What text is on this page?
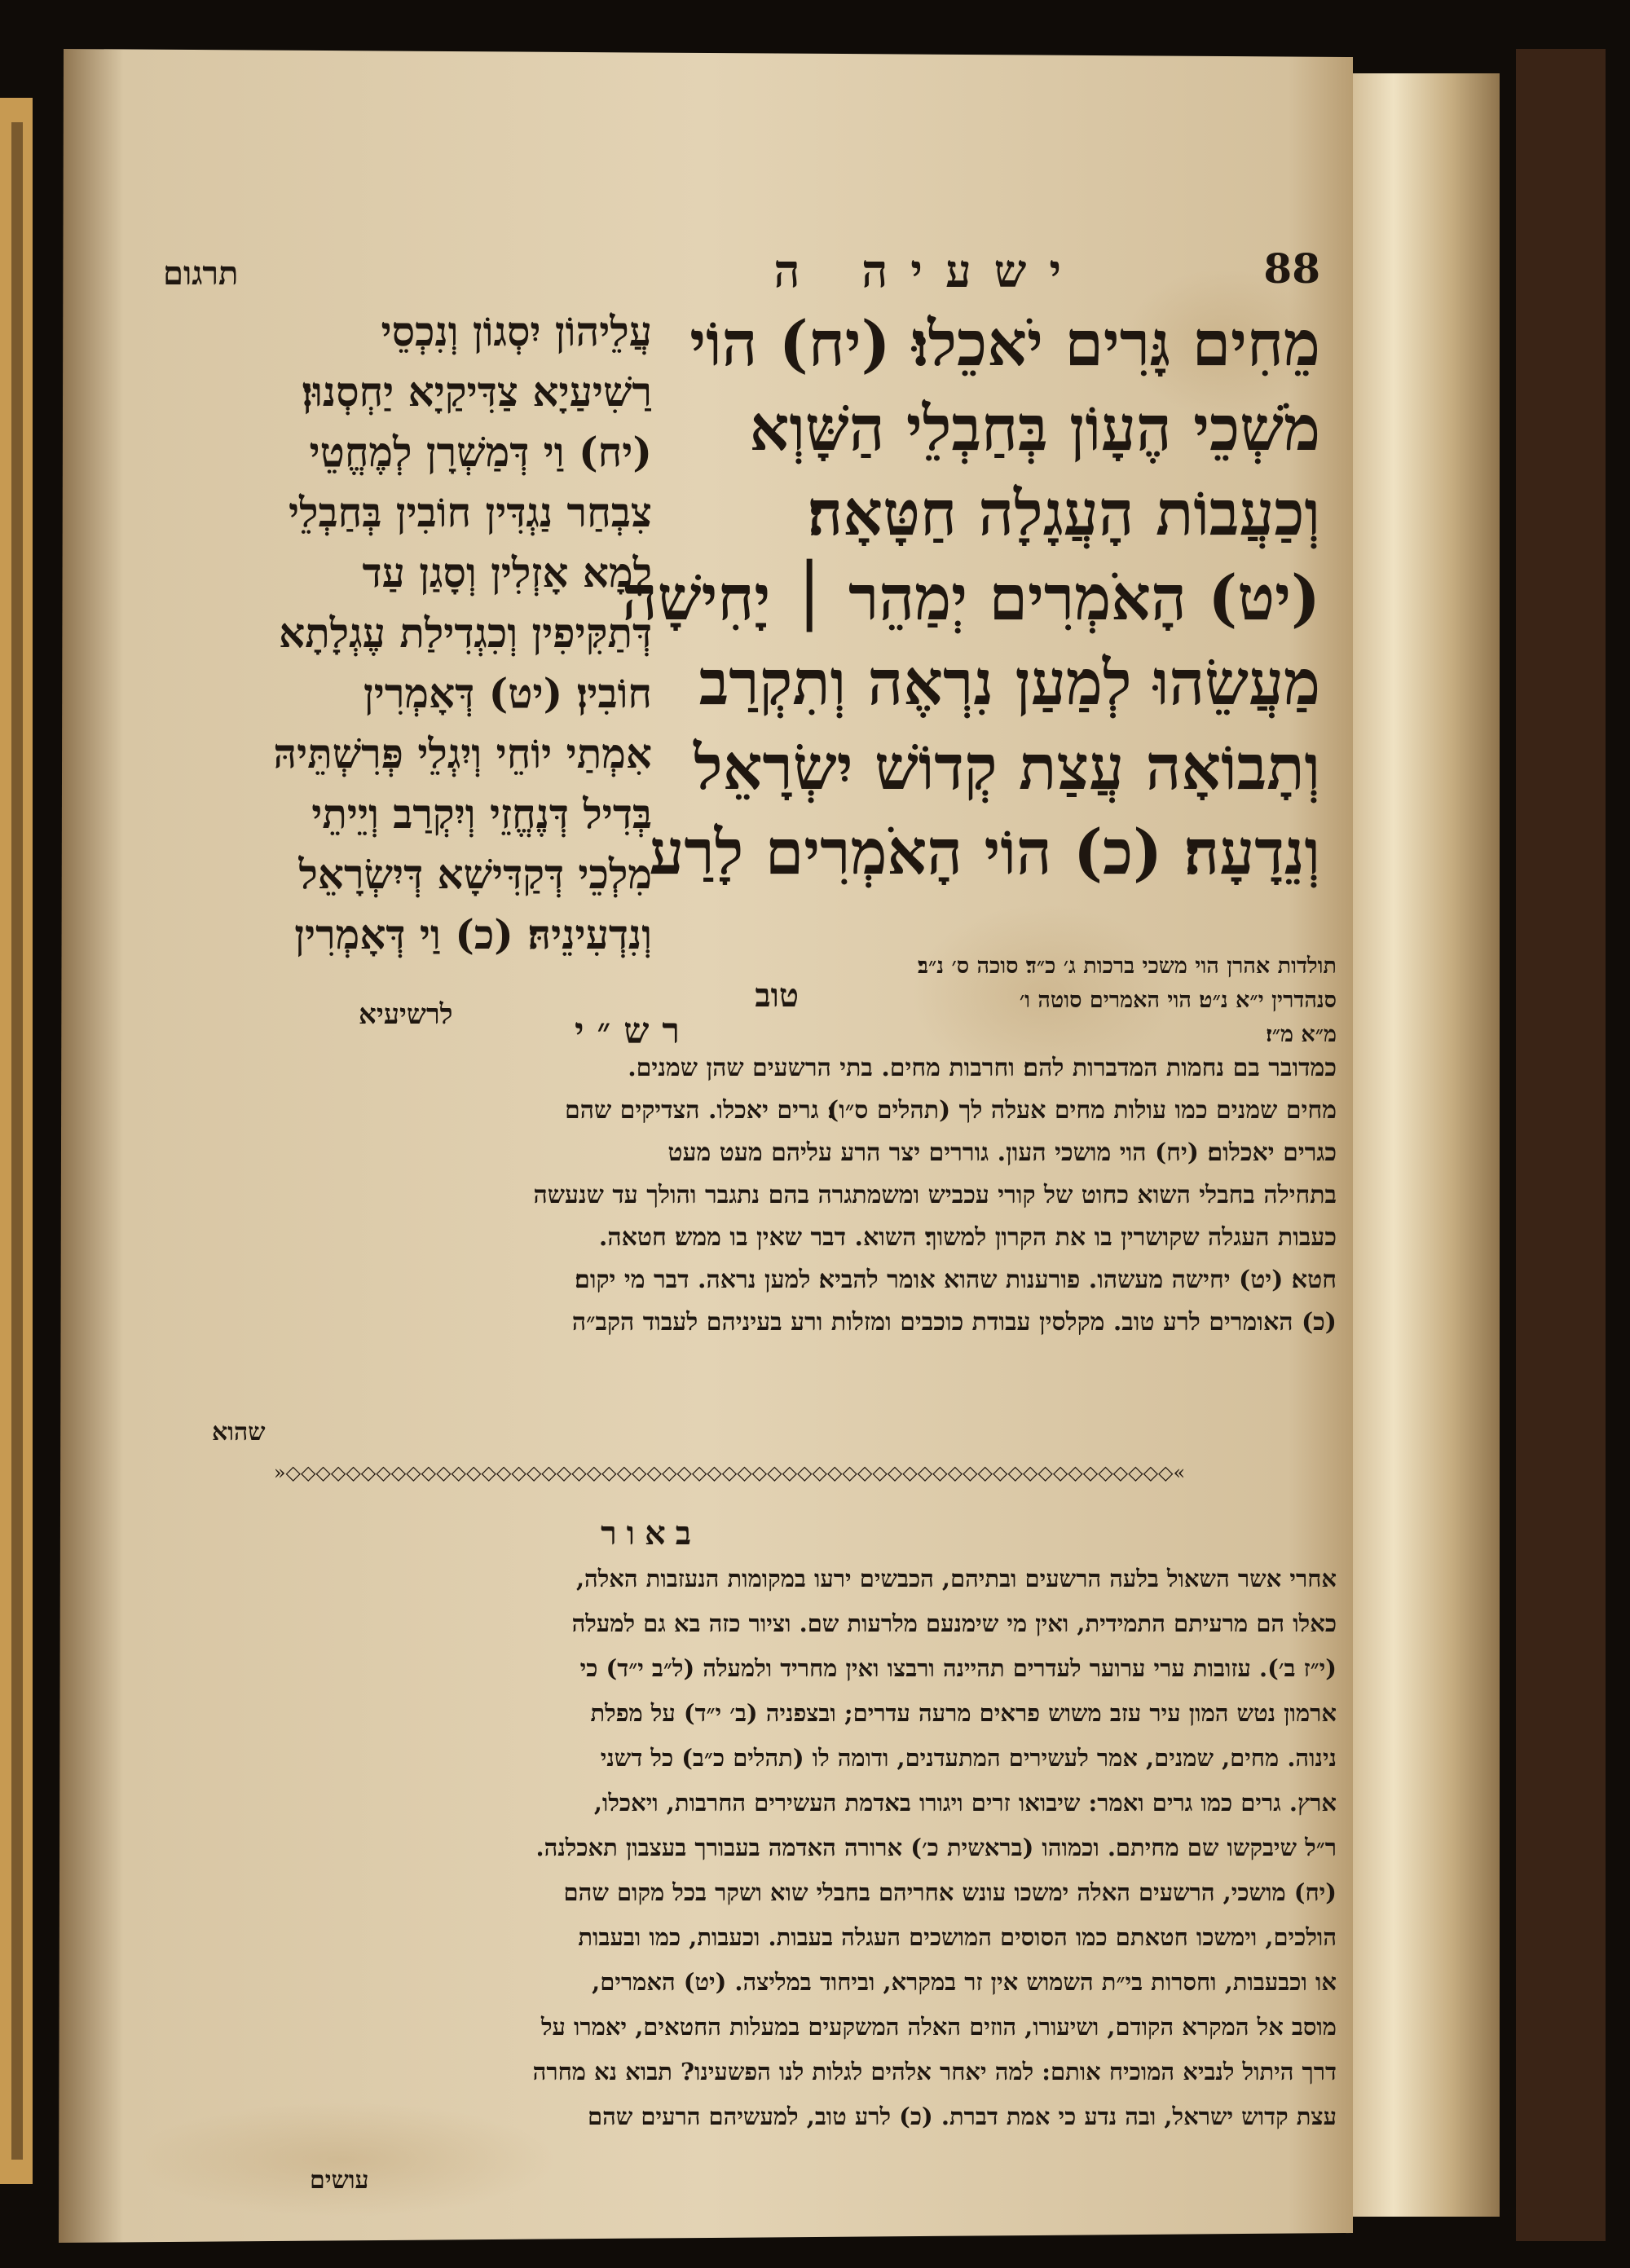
88
ישעיה ה
תרגום
מֵחִים גָּרִים יֹאכֵלוּ׃ (יח) הוֹי
מֹשְׁכֵי הֶעָוֹן בְּחַבְלֵי הַשָּׁוְא
וְכַעֲבוֹת הָעֲגָלָה חַטָּאָה׃
(יט) הָאֹמְרִים יְמַהֵר ׀ יָחִישָׁה
מַעֲשֵׂהוּ לְמַעַן נִרְאֶה וְתִקְרַב
וְתָבוֹאָה עֲצַת קְדוֹשׁ יִשְׂרָאֵל
וְנֵדָעָה׃ (כ) הוֹי הָאֹמְרִים לָרַע
טוב
עֲלֵיהוֹן יִסְגוֹן וְנִכְסֵי
רַשִׁיעַיָא צַדִּיקַיָא יַחְסְנוּן׃
(יח) וַי דְּמַשְׁרָן לְמֶחֱטֵי
צִבְחַר נַגְדִּין חוֹבִין בְּחַבְלֵי
לְמָא אָזְלִין וְסָגַן עַד
דְּתַקִּיפִין וְכִגְדִילַת עֶגְלָתָא
חוֹבִין׃ (יט) דְּאָמְרִין
אִמְתַי יוֹחֵי וְיִגְלֵי פְּרִשְׁתֵּיהּ
בְּדִיל דְּנֶחֱזֵי וְיִקְרַב וְיֵיתֵי
מִלְכֵי דְּקַדִּישָׁא דְּיִשְׂרָאֵל
וְנִדְעִינֵיהּ׃ (כ) וַי דְּאָמְרִין
לרשיעיא
תולדות אהרן הוי משכי ברכות ג׳ כ״ד׃ סוכה ס׳ נ״ב׃
סנהדרין י״א נ״ט׃ הוי האמרים סוטה ו׳
מ״א מ״ז׃
רש״י
כמדובר בם נחמות המדברות להם׃ וחרבות מחים. בתי הרשעים שהן שמנים.
מחים שמנים כמו עולות מחים אעלה לך (תהלים ס״ו)׃ גרים יאכלו. הצדיקים שהם
כגרים יאכלום׃ (יח) הוי מושכי העון. גוררים יצר הרע עליהם מעט מעט
בתחילה בחבלי השוא כחוט של קורי עכביש ומשמתגרה בהם נתגבר והולך עד שנעשה
כעבות העגלה שקושרין בו את הקרון למשוך׃ השוא. דבר שאין בו ממש׃ חטאה.
חטא׃ (יט) יחישה מעשהו. פורענות שהוא אומר להביא׃ למען נראה. דבר מי יקום׃
(כ) האומרים לרע טוב. מקלסין עבודת כוכבים ומזלות ורע בעיניהם לעבוד הקב״ה
שהוא
»◇◇◇◇◇◇◇◇◇◇◇◇◇◇◇◇◇◇◇◇◇◇◇◇◇◇◇◇◇◇◇◇◇◇◇◇◇◇◇◇◇◇◇◇◇◇◇◇◇◇◇◇◇◇◇◇◇◇◇«
באור
אחרי אשר השאול בלעה הרשעים ובתיהם, הכבשים ירעו במקומות הנעזבות האלה,
כאלו הם מרעיתם התמידית, ואין מי שימנעם מלרעות שם. וציור כזה בא גם למעלה
(י״ז ב׳). עזובות ערי ערוער לעדרים תהיינה ורבצו ואין מחריד ולמעלה (ל״ב י״ד) כי
ארמון נטש המון עיר עזב משוש פראים מרעה עדרים; ובצפניה (ב׳ י״ד) על מפלת
נינוה. מחים, שמנים, אמר לעשירים המתעדנים, ודומה לו (תהלים כ״ב) כל דשני
ארץ. גרים כמו גרים ואמר: שיבואו זרים ויגורו באדמת העשירים החרבות, ויאכלו,
ר״ל שיבקשו שם מחיתם. וכמוהו (בראשית כ׳) ארורה האדמה בעבורך בעצבון תאכלנה.
(יח) מושכי, הרשעים האלה ימשכו עונש אחריהם בחבלי שוא ושקר בכל מקום שהם
הולכים, וימשכו חטאתם כמו הסוסים המושכים העגלה בעבות. וכעבות, כמו ובעבות
או וכבעבות, וחסרות בי״ת השמוש אין זר במקרא, וביחוד במליצה. (יט) האמרים,
מוסב אל המקרא הקודם, ושיעורו, הוזים האלה המשקעים במעלות החטאים, יאמרו על
דרך היתול לנביא המוכיח אותם: למה יאחר אלהים לגלות לנו הפשעינו? תבוא נא מחרה
עצת קדוש ישראל, ובה נדע כי אמת דברת. (כ) לרע טוב, למעשיהם הרעים שהם
עושים
